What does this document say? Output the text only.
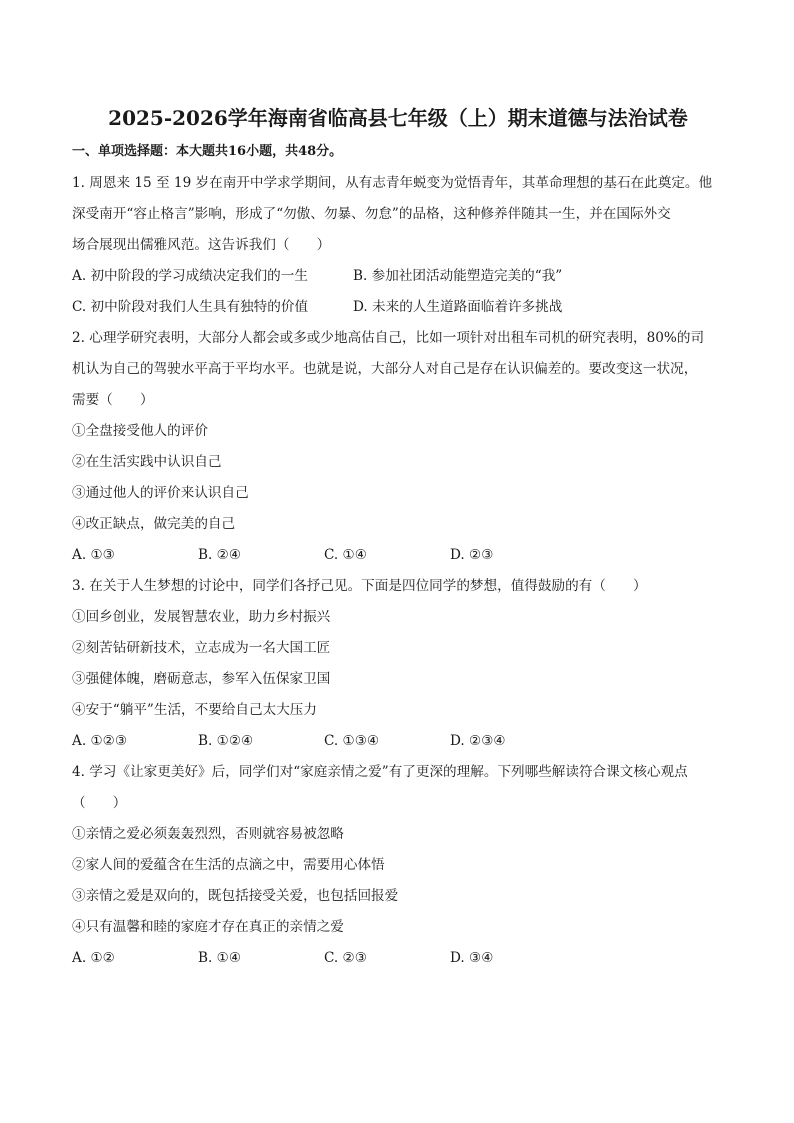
2025-2026学年海南省临高县七年级（上）期末道德与法治试卷
一、单项选择题：本大题共16小题，共48分。
1. 周恩来 15 至 19 岁在南开中学求学期间，从有志青年蜕变为觉悟青年，其革命理想的基石在此奠定。他
深受南开“容止格言”影响，形成了“勿傲、勿暴、勿怠”的品格，这种修养伴随其一生，并在国际外交
场合展现出儒雅风范。这告诉我们（　　）
A. 初中阶段的学习成绩决定我们的一生	B. 参加社团活动能塑造完美的“我”
C. 初中阶段对我们人生具有独特的价值	D. 未来的人生道路面临着许多挑战
2. 心理学研究表明，大部分人都会或多或少地高估自己，比如一项针对出租车司机的研究表明，80%的司
机认为自己的驾驶水平高于平均水平。也就是说，大部分人对自己是存在认识偏差的。要改变这一状况，
需要（　　）
①全盘接受他人的评价
②在生活实践中认识自己
③通过他人的评价来认识自己
④改正缺点，做完美的自己
A. ①③	B. ②④	C. ①④	D. ②③
3. 在关于人生梦想的讨论中，同学们各抒己见。下面是四位同学的梦想，值得鼓励的有（　　）
①回乡创业，发展智慧农业，助力乡村振兴
②刻苦钻研新技术，立志成为一名大国工匠
③强健体魄，磨砺意志，参军入伍保家卫国
④安于“躺平”生活，不要给自己太大压力
A. ①②③	B. ①②④	C. ①③④	D. ②③④
4. 学习《让家更美好》后，同学们对“家庭亲情之爱”有了更深的理解。下列哪些解读符合课文核心观点
（　　）
①亲情之爱必须轰轰烈烈，否则就容易被忽略
②家人间的爱蕴含在生活的点滴之中，需要用心体悟
③亲情之爱是双向的，既包括接受关爱，也包括回报爱
④只有温馨和睦的家庭才存在真正的亲情之爱
A. ①②	B. ①④	C. ②③	D. ③④
